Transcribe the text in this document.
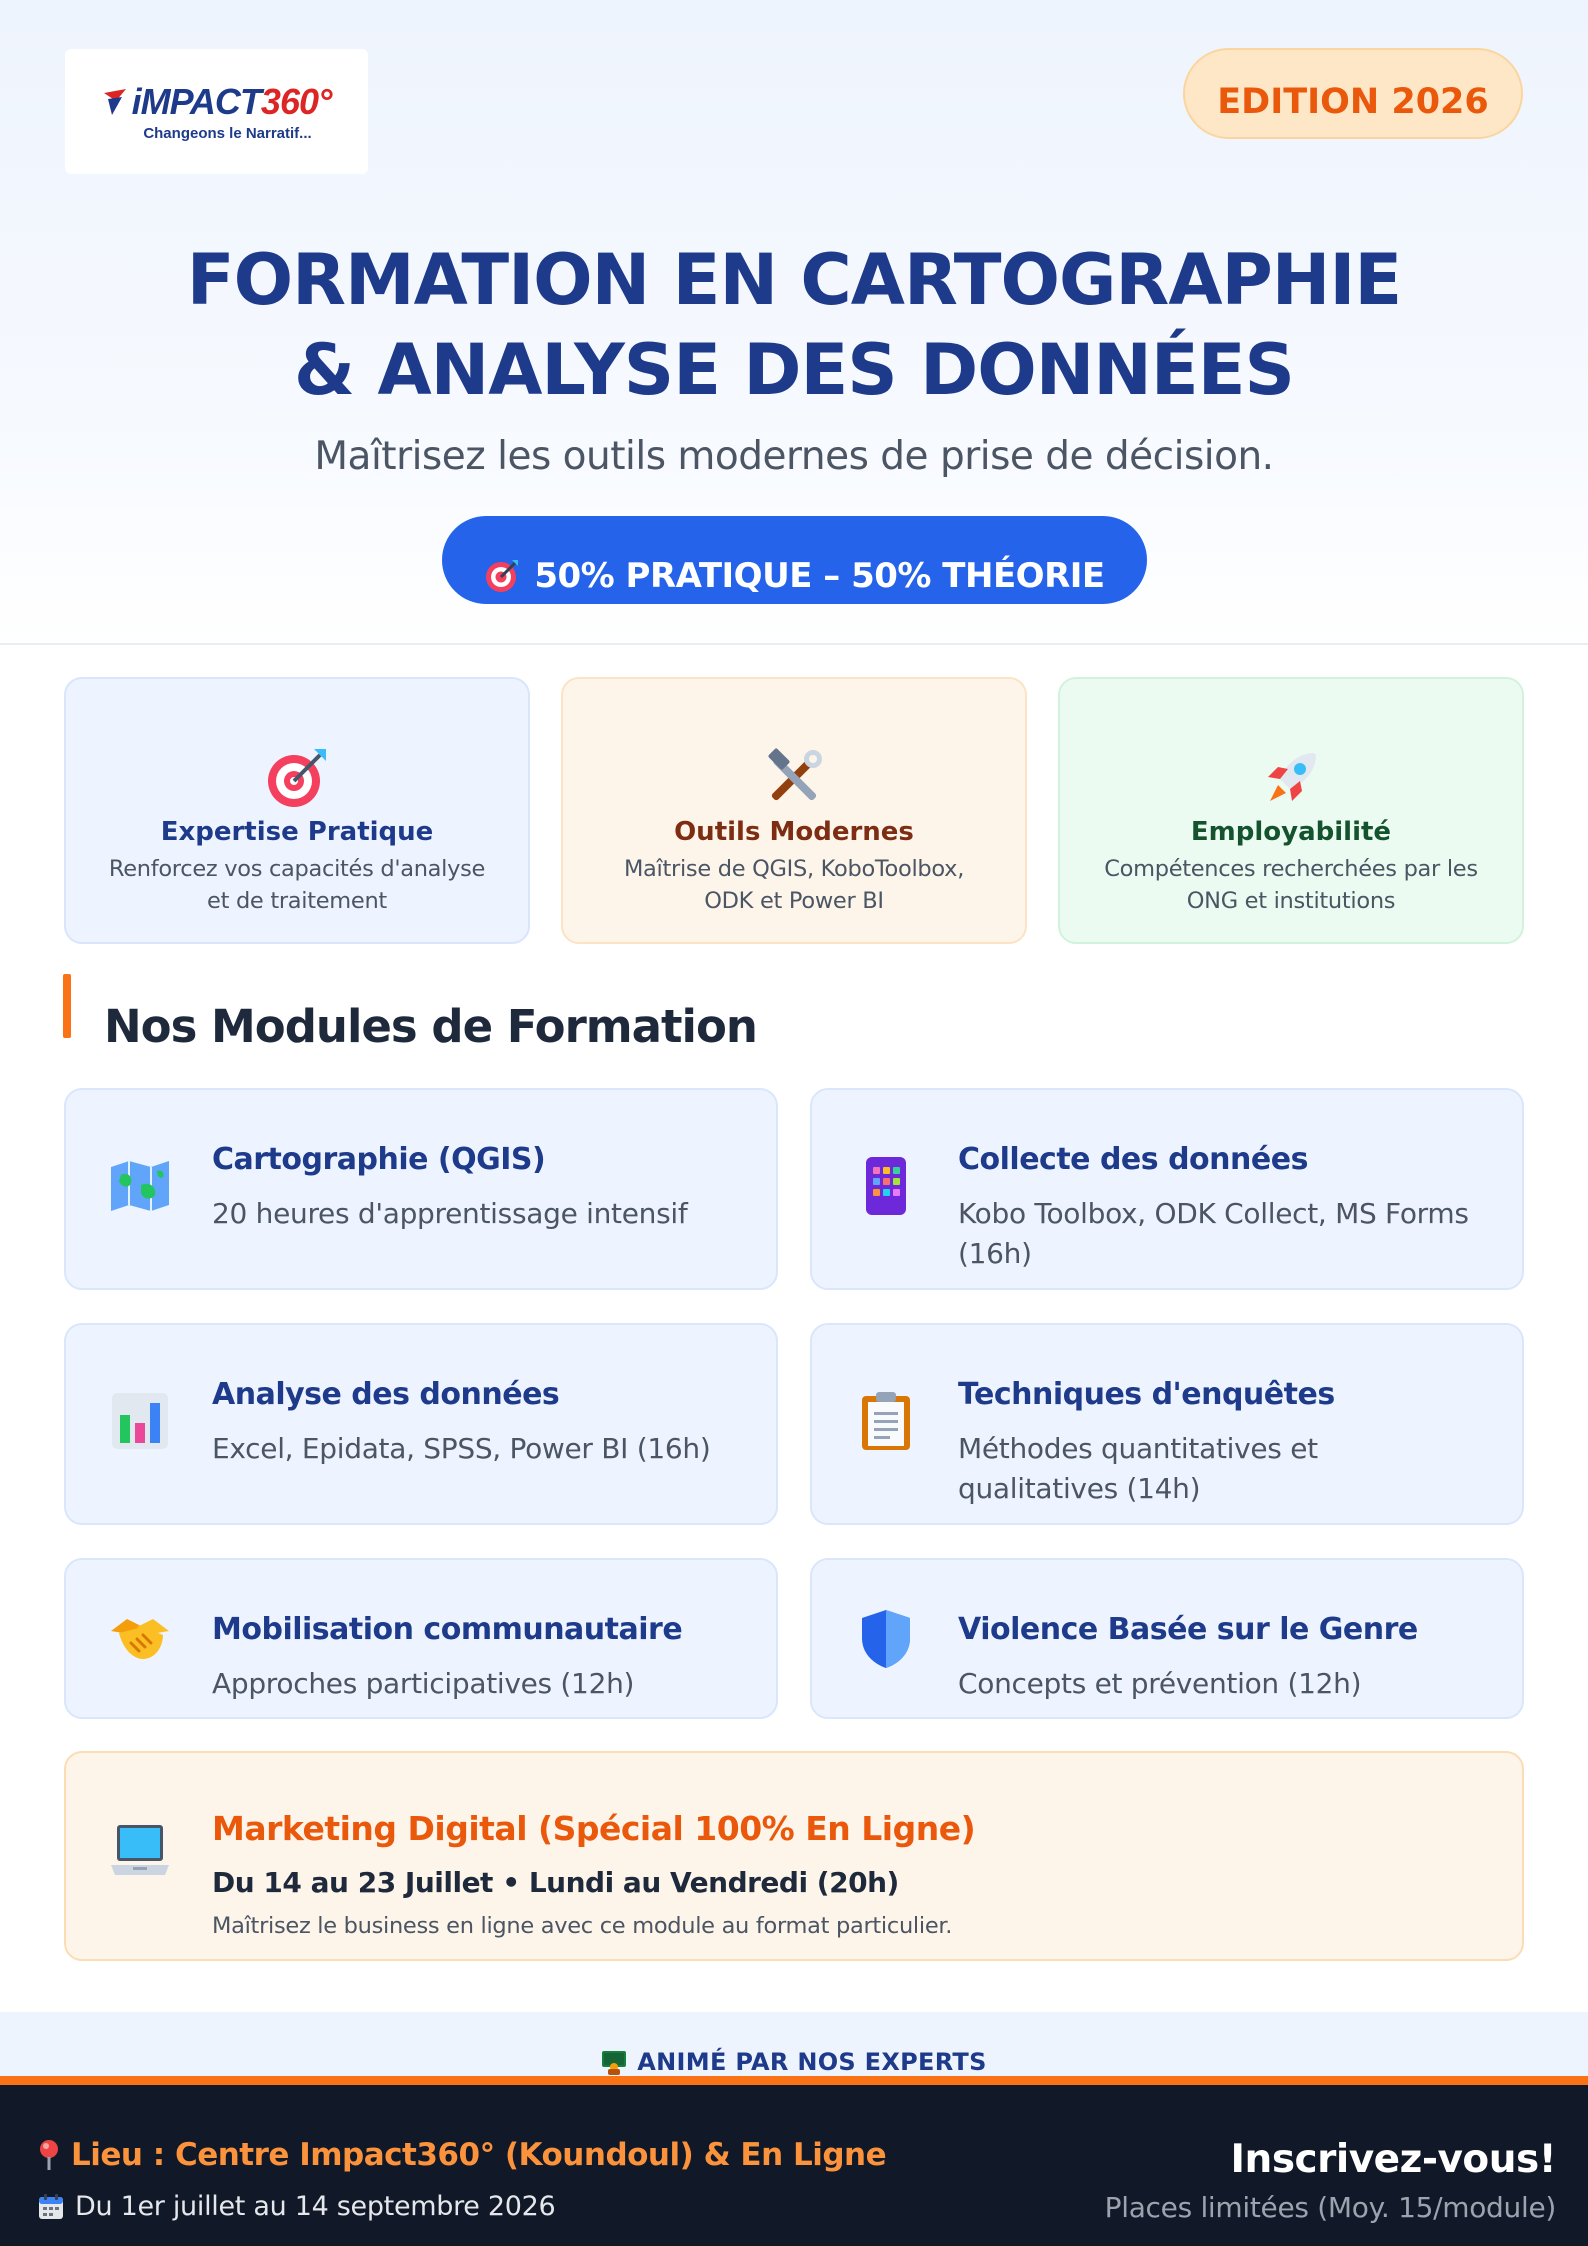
iMPACT360°
Changeons le Narratif...
EDITION 2026
FORMATION EN CARTOGRAPHIE
& ANALYSE DES DONNÉES
Maîtrisez les outils modernes de prise de décision.
50% PRATIQUE – 50% THÉORIE
Expertise Pratique
Renforcez vos capacités d'analyse
et de traitement
Outils Modernes
Maîtrise de QGIS, KoboToolbox,
ODK et Power BI
Employabilité
Compétences recherchées par les
ONG et institutions
Nos Modules de Formation
Cartographie (QGIS)
20 heures d'apprentissage intensif
Collecte des données
Kobo Toolbox, ODK Collect, MS Forms (16h)
Analyse des données
Excel, Epidata, SPSS, Power BI (16h)
Techniques d'enquêtes
Méthodes quantitatives et qualitatives (14h)
Mobilisation communautaire
Approches participatives (12h)
Violence Basée sur le Genre
Concepts et prévention (12h)
Marketing Digital (Spécial 100% En Ligne)
Du 14 au 23 Juillet • Lundi au Vendredi (20h)
Maîtrisez le business en ligne avec ce module au format particulier.
ANIMÉ PAR NOS EXPERTS
Lieu : Centre Impact360° (Koundoul) & En Ligne
Du 1er juillet au 14 septembre 2026
Inscrivez-vous!
Places limitées (Moy. 15/module)
